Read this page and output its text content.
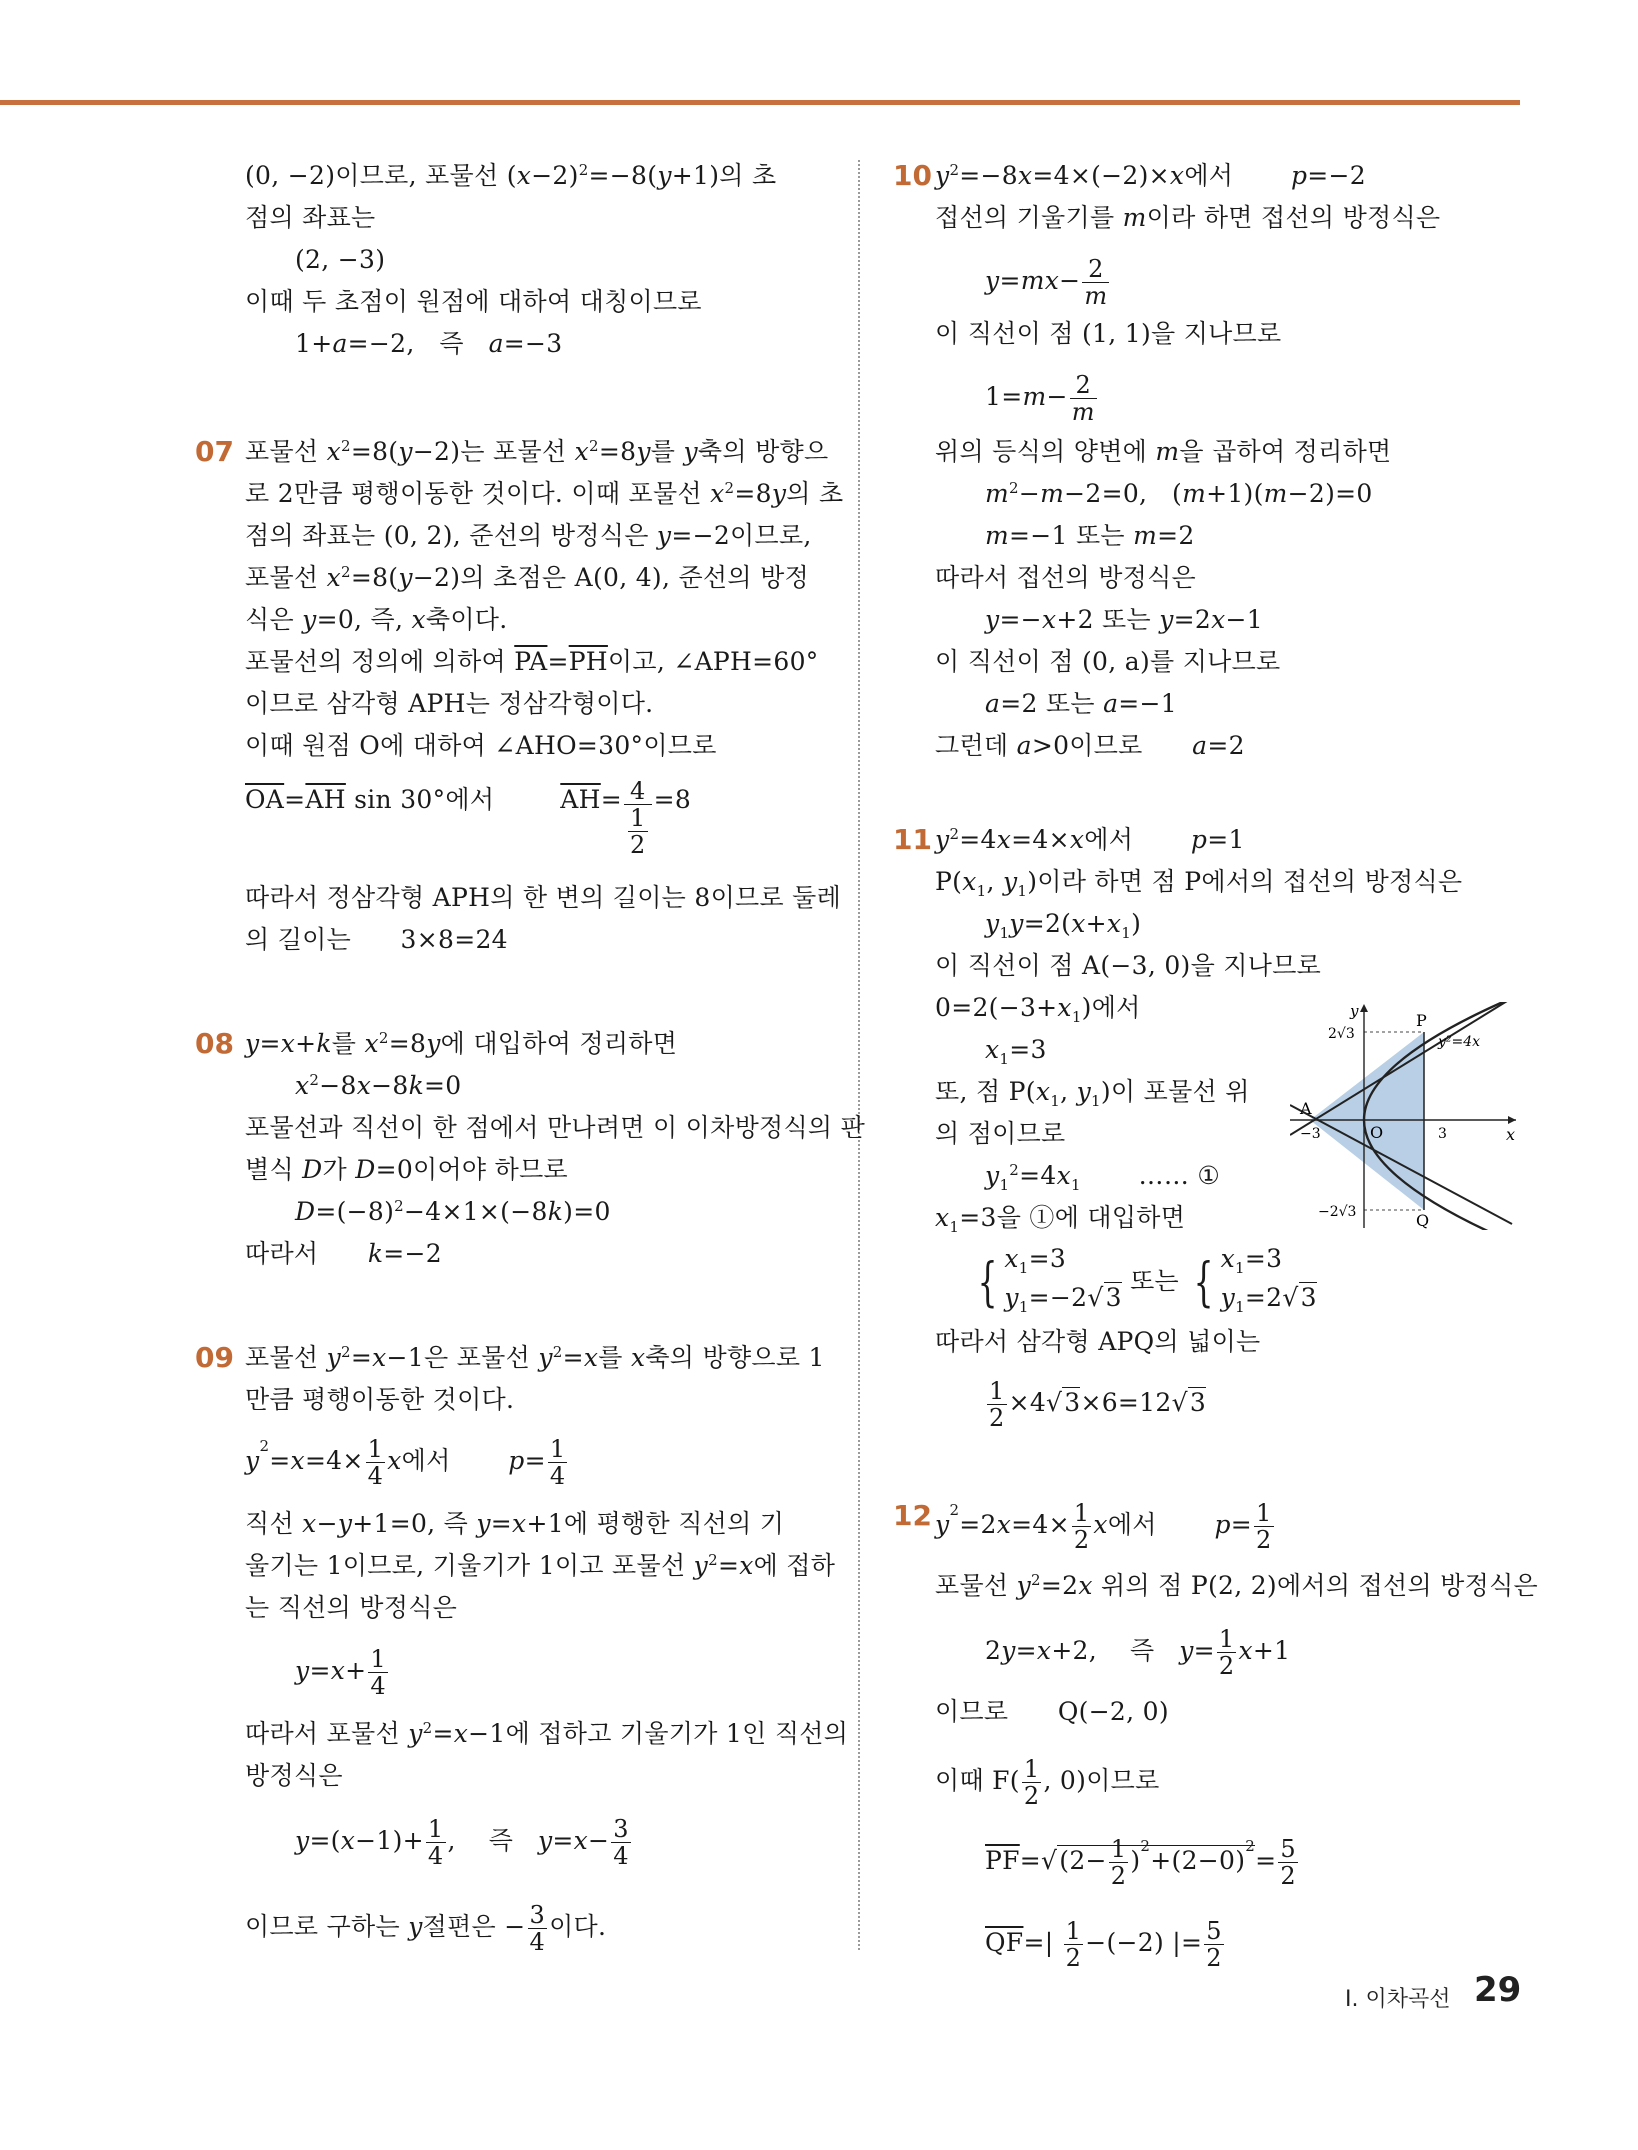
(0, −2)이므로, 포물선 $(x-2)^2=-8(y+1)$의 초
점의 좌표는
(2, −3)
이때 두 초점이 원점에 대하여 대칭이므로
1+a=−2,   즉 a=−3
07 포물선 $x^2=8(y-2)$는 포물선 $x^2=8y$를 y축의 방향으
로 2만큼 평행이동한 것이다. 이때 포물선 $x^2=8y$의 초
점의 좌표는 (0, 2), 준선의 방정식은 y=−2이므로,
포물선 $x^2=8(y-2)$의 초점은 A(0, 4), 준선의 방정
식은 y=0, 즉, x축이다.
포물선의 정의에 의하여 $\overline{PA}=\overline{PH}$이고, ∠APH=60°
이므로 삼각형 APH는 정삼각형이다.
이때 원점 O에 대하여 ∠AHO=30°이므로
$\overline{OA}=\overline{AH}$ sin 30°에서	$\overline{AH}= \frac{4}{\frac{1}{2}} =8$
따라서 정삼각형 APH의 한 변의 길이는 8이므로 둘레
의 길이는      3×8=24
08 y=x+k를 $x^2=8y$에 대입하여 정리하면
$x^2-8x-8k=0$
포물선과 직선이 한 점에서 만나려면 이 이차방정식의 판
별식 D가 D=0이어야 하므로
$D=(-8)^2-4\times 1\times(-8k)=0$
따라서 k=−2
09 포물선 $y^2=x-1$은 포물선 $y^2=x$를 x축의 방향으로 1
만큼 평행이동한 것이다.
$y^2=x=4\times \frac{1}{4}$ x에서 $p= \frac{1}{4}$
직선 x−y+1=0, 즉 y=x+1에 평행한 직선의 기
울기는 1이므로, 기울기가 1이고 포물선 $y^2=x$에 접하
는 직선의 방정식은
$y=x+ \frac{1}{4}$
따라서 포물선 $y^2=x-1$에 접하고 기울기가 1인 직선의
방정식은
$y=(x-1)+ \frac{1}{4}$ ,    즉 $y=x- \frac{3}{4}$
이므로 구하는 y절편은 − $\frac{3}{4}$ 이다.
10 $y^2=-8x=4\times(-2)\times x$에서 p=−2
접선의 기울기를 m이라 하면 접선의 방정식은
$y=mx- \frac{2}{m}$
이 직선이 점 (1, 1)을 지나므로
$1=m- \frac{2}{m}$
위의 등식의 양변에 m을 곱하여 정리하면
$m^2-m-2=0$,   (m+1)(m−2)=0
m=−1 또는 m=2
따라서 접선의 방정식은
y=−x+2 또는 y=2x−1
이 직선이 점 (0, a)를 지나므로
a=2 또는 a=−1
그런데 a>0이므로 a=2
11 $y^2=4x=4\times x$에서 p=1
$P(x_1$, $y_1$)이라 하면 점 P에서의 접선의 방정식은
$y_1y=2(x+x_1)$
이 직선이 점 A(−3, 0)을 지나므로
$0=2(-3+x_1)$에서
$x_1=3$
또, 점 $P(x_1$, $y_1$)이 포물선 위
의 점이므로
$y_1^2=4x_1$       …… ①
$x_1=3$을 ①에 대입하면
{ $x_1=3$
$y_1=-2√3$ 또는 { $x_1=3$
$y_1=2√3$
따라서 삼각형 APQ의 넓이는
$\frac{1}{2} \times 4√3\times 6=12√3$
12 $y^2=2x=4\times \frac{1}{2}$ x에서 $p= \frac{1}{2}$
포물선 $y^2=2x$ 위의 점 P(2, 2)에서의 접선의 방정식은
2y=x+2,    즉 $y= \frac{1}{2} x+1$
이므로      Q(−2, 0)
이때 $F( \frac{1}{2}$ , 0)이므로
$\overline{PF}=√(2- \frac{1}{2} )^2+(2-0)^2= \frac{5}{2}$
$\overline{QF}=| \frac{1}{2} -(-2)$ |= $\frac{5}{2}$
y
x
P
Q
A
O
y²=4x
2√3
−2√3
−3	3
I. 이차곡선 29
